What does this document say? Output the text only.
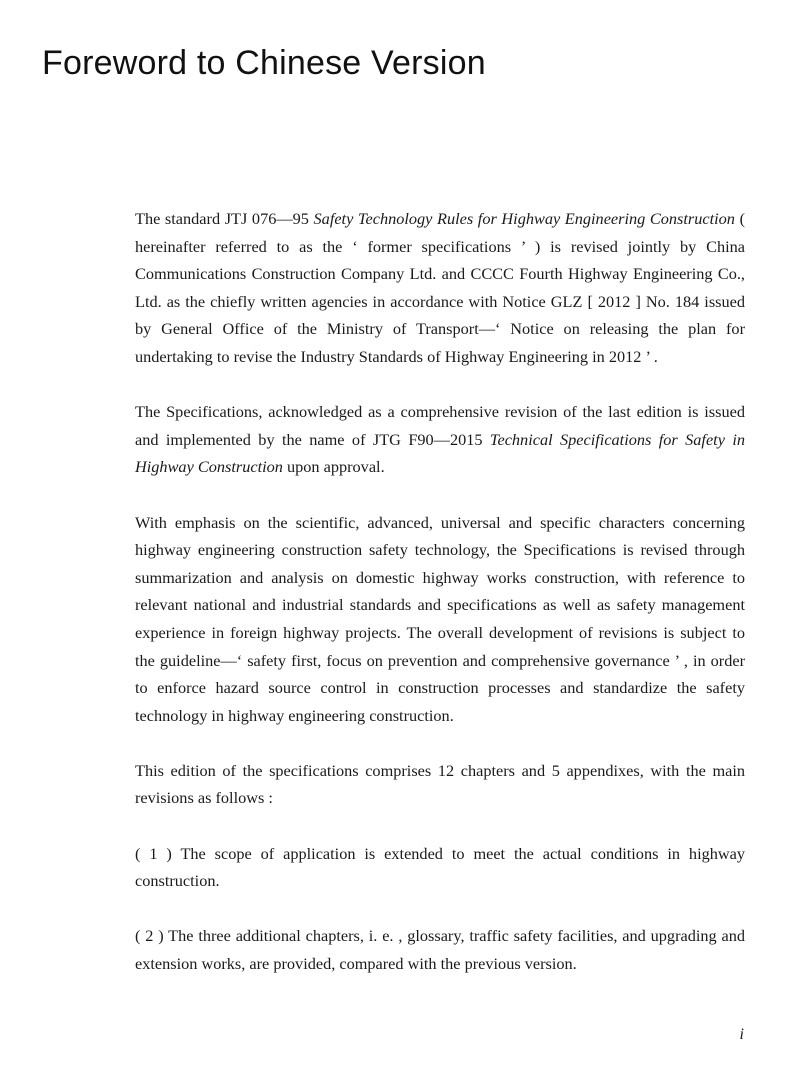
Foreword to Chinese Version

The standard JTJ 076—95 Safety Technology Rules for Highway Engineering Construction ( hereinafter referred to as the ‘ former specifications ’ ) is revised jointly by China Communications Construction Company Ltd. and CCCC Fourth Highway Engineering Co., Ltd. as the chiefly written agencies in accordance with Notice GLZ [ 2012 ] No. 184 issued by General Office of the Ministry of Transport—‘ Notice on releasing the plan for undertaking to revise the Industry Standards of Highway Engineering in 2012 ’ .

The Specifications, acknowledged as a comprehensive revision of the last edition is issued and implemented by the name of JTG F90—2015 Technical Specifications for Safety in Highway Construction upon approval.

With emphasis on the scientific, advanced, universal and specific characters concerning highway engineering construction safety technology, the Specifications is revised through summarization and analysis on domestic highway works construction, with reference to relevant national and industrial standards and specifications as well as safety management experience in foreign highway projects. The overall development of revisions is subject to the guideline—‘ safety first, focus on prevention and comprehensive governance ’ , in order to enforce hazard source control in construction processes and standardize the safety technology in highway engineering construction.

This edition of the specifications comprises 12 chapters and 5 appendixes, with the main revisions as follows :

( 1 ) The scope of application is extended to meet the actual conditions in highway construction.

( 2 ) The three additional chapters, i. e. , glossary, traffic safety facilities, and upgrading and extension works, are provided, compared with the previous version.

i
